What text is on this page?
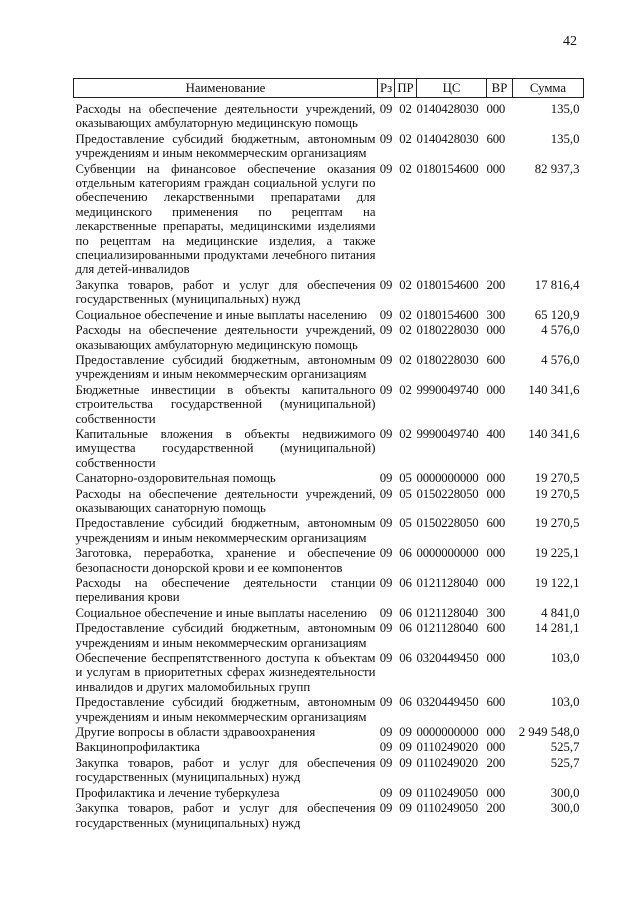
42
Наименование	Рз	ПР	ЦС	ВР	Сумма

Расходы на обеспечение деятельности учреждений, оказывающих амбулаторную медицинскую помощь	09	02	0140428030	000	135,0
Предоставление субсидий бюджетным, автономным учреждениям и иным некоммерческим организациям	09	02	0140428030	600	135,0
Субвенции на финансовое обеспечение оказания отдельным категориям граждан социальной услуги по обеспечению лекарственными препаратами для медицинского применения по рецептам на лекарственные препараты, медицинскими изделиями по рецептам на медицинские изделия, а также специализированными продуктами лечебного питания для детей-инвалидов	09	02	0180154600	000	82 937,3
Закупка товаров, работ и услуг для обеспечения государственных (муниципальных) нужд	09	02	0180154600	200	17 816,4
Социальное обеспечение и иные выплаты населению	09	02	0180154600	300	65 120,9
Расходы на обеспечение деятельности учреждений, оказывающих амбулаторную медицинскую помощь	09	02	0180228030	000	4 576,0
Предоставление субсидий бюджетным, автономным учреждениям и иным некоммерческим организациям	09	02	0180228030	600	4 576,0
Бюджетные инвестиции в объекты капитального строительства государственной (муниципальной) собственности	09	02	9990049740	000	140 341,6
Капитальные вложения в объекты недвижимого имущества государственной (муниципальной) собственности	09	02	9990049740	400	140 341,6
Санаторно-оздоровительная помощь	09	05	0000000000	000	19 270,5
Расходы на обеспечение деятельности учреждений, оказывающих санаторную помощь	09	05	0150228050	000	19 270,5
Предоставление субсидий бюджетным, автономным учреждениям и иным некоммерческим организациям	09	05	0150228050	600	19 270,5
Заготовка, переработка, хранение и обеспечение безопасности донорской крови и ее компонентов	09	06	0000000000	000	19 225,1
Расходы на обеспечение деятельности станции переливания крови	09	06	0121128040	000	19 122,1
Социальное обеспечение и иные выплаты населению	09	06	0121128040	300	4 841,0
Предоставление субсидий бюджетным, автономным учреждениям и иным некоммерческим организациям	09	06	0121128040	600	14 281,1
Обеспечение беспрепятственного доступа к объектам и услугам в приоритетных сферах жизнедеятельности инвалидов и других маломобильных групп	09	06	0320449450	000	103,0
Предоставление субсидий бюджетным, автономным учреждениям и иным некоммерческим организациям	09	06	0320449450	600	103,0
Другие вопросы в области здравоохранения	09	09	0000000000	000	2 949 548,0
Вакцинопрофилактика	09	09	0110249020	000	525,7
Закупка товаров, работ и услуг для обеспечения государственных (муниципальных) нужд	09	09	0110249020	200	525,7
Профилактика и лечение туберкулеза	09	09	0110249050	000	300,0
Закупка товаров, работ и услуг для обеспечения государственных (муниципальных) нужд	09	09	0110249050	200	300,0
